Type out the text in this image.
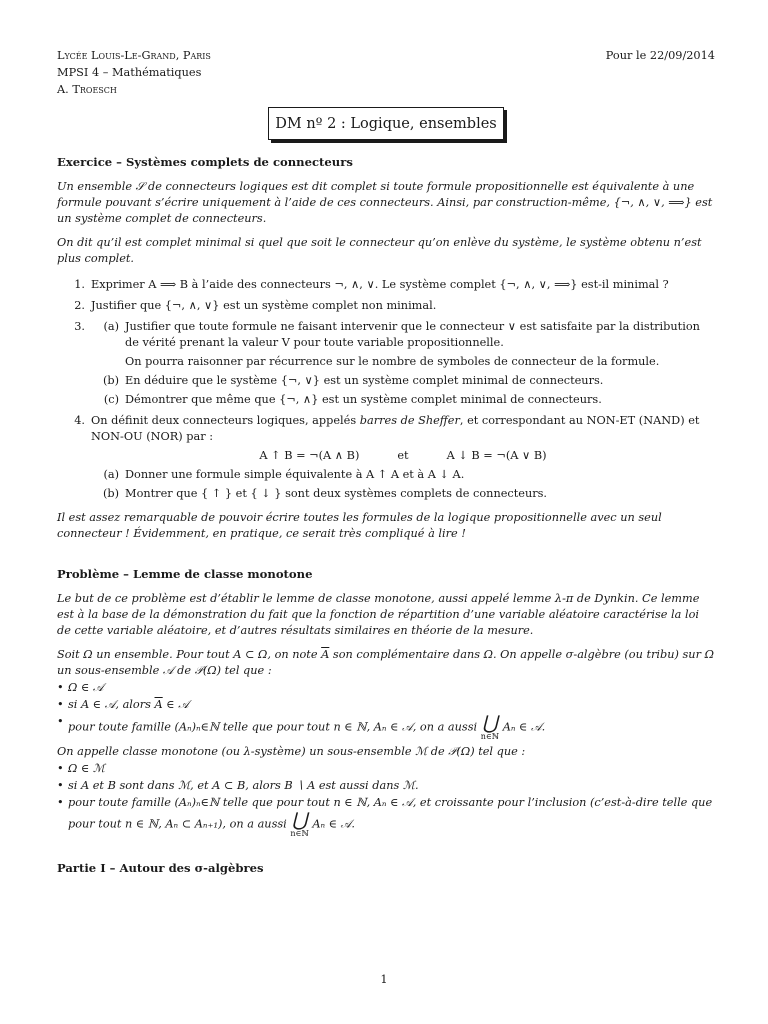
Lycée Louis-Le-Grand, Paris
MPSI 4 – Mathématiques
A. Troesch
Pour le 22/09/2014
DM nº 2 : Logique, ensembles
Exercice – Systèmes complets de connecteurs

Un ensemble 𝒮 de connecteurs logiques est dit complet si toute formule propositionnelle est équivalente à une formule pouvant s’écrire uniquement à l’aide de ces connecteurs. Ainsi, par construction-même, {¬, ∧, ∨, ⟹} est un système complet de connecteurs.

On dit qu’il est complet minimal si quel que soit le connecteur qu’on enlève du système, le système obtenu n’est plus complet.

1. Exprimer A ⟹ B à l’aide des connecteurs ¬, ∧, ∨. Le système complet {¬, ∧, ∨, ⟹} est-il minimal ?
2. Justifier que {¬, ∧, ∨} est un système complet non minimal.
3.	(a) Justifier que toute formule ne faisant intervenir que le connecteur ∨ est satisfaite par la distribution de vérité prenant la valeur V pour toute variable propositionnelle.
On pourra raisonner par récurrence sur le nombre de symboles de connecteur de la formule.
(b) En déduire que le système {¬, ∨} est un système complet minimal de connecteurs.
(c) Démontrer que même que {¬, ∧} est un système complet minimal de connecteurs.
4. On définit deux connecteurs logiques, appelés barres de Sheffer, et correspondant au NON-ET (NAND) et NON-OU (NOR) par :
A ↑ B = ¬(A ∧ B)	et	A ↓ B = ¬(A ∨ B)
(a) Donner une formule simple équivalente à A ↑ A et à A ↓ A.
(b) Montrer que { ↑ } et { ↓ } sont deux systèmes complets de connecteurs.

Il est assez remarquable de pouvoir écrire toutes les formules de la logique propositionnelle avec un seul connecteur ! Évidemment, en pratique, ce serait très compliqué à lire !

Problème – Lemme de classe monotone

Le but de ce problème est d’établir le lemme de classe monotone, aussi appelé lemme λ-π de Dynkin. Ce lemme est à la base de la démonstration du fait que la fonction de répartition d’une variable aléatoire caractérise la loi de cette variable aléatoire, et d’autres résultats similaires en théorie de la mesure.

Soit Ω un ensemble. Pour tout A ⊂ Ω, on note $\overline{A}$ son complémentaire dans Ω. On appelle σ-algèbre (ou tribu) sur Ω un sous-ensemble 𝒜 de 𝒫(Ω) tel que :

• Ω ∈ 𝒜
• si A ∈ 𝒜, alors $\overline{A}$ ∈ 𝒜
• pour toute famille (Aₙ)ₙ∈ℕ telle que pour tout n ∈ ℕ, Aₙ ∈ 𝒜, on a aussi ⋃
n∈ℕ
Aₙ ∈ 𝒜.

On appelle classe monotone (ou λ-système) un sous-ensemble ℳ de 𝒫(Ω) tel que :

• Ω ∈ ℳ
• si A et B sont dans ℳ, et A ⊂ B, alors B ∖ A est aussi dans ℳ.
• pour toute famille (Aₙ)ₙ∈ℕ telle que pour tout n ∈ ℕ, Aₙ ∈ 𝒜, et croissante pour l’inclusion (c’est-à-dire telle que pour tout n ∈ ℕ, Aₙ ⊂ Aₙ₊₁), on a aussi ⋃
n∈ℕ
Aₙ ∈ 𝒜.
Partie I – Autour des σ-algèbres
1
